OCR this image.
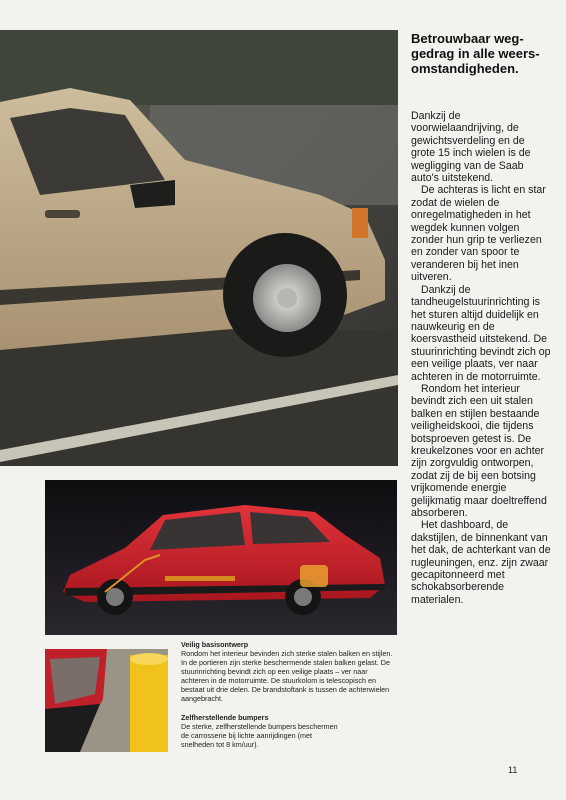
Betrouwbaar weg-
gedrag in alle weers-
omstandigheden.

Dankzij de voorwielaandrijving, de gewichtsverdeling en de grote 15 inch wielen is de wegligging van de Saab auto's uitstekend.

De achteras is licht en star zodat de wielen de onregelmatigheden in het wegdek kunnen volgen zonder hun grip te verliezen en zonder van spoor te veranderen bij het inen uitveren.

Dankzij de tandheugelstuurinrichting is het sturen altijd duidelijk en nauwkeurig en de koersvastheid uitstekend. De stuurinrichting bevindt zich op een veilige plaats, ver naar achteren in de motorruimte.

Rondom het interieur bevindt zich een uit stalen balken en stijlen bestaande veiligheidskooi, die tijdens botsproeven getest is. De kreukelzones voor en achter zijn zorgvuldig ontworpen, zodat zij de bij een botsing vrijkomende energie gelijkmatig maar doeltreffend absorberen.

Het dashboard, de dakstijlen, de binnenkant van het dak, de achterkant van de rugleuningen, enz. zijn zwaar gecapitonneerd met schokabsorberende materialen.

Veilig basisontwerp
Rondom het interieur bevinden zich sterke stalen balken en stijlen. In de portieren zijn sterke beschermende stalen balken gelast. De stuurinrichting bevindt zich op een veilige plaats – ver naar achteren in de motorruimte. De stuurkolom is telescopisch en bestaat uit drie delen. De brandstoftank is tussen de achterwielen aangebracht.
Zelfherstellende bumpers
De sterke, zelfherstellende bumpers beschermen de carrosserie bij lichte aanrijdingen (met snelheden tot 8 km/uur).
11
